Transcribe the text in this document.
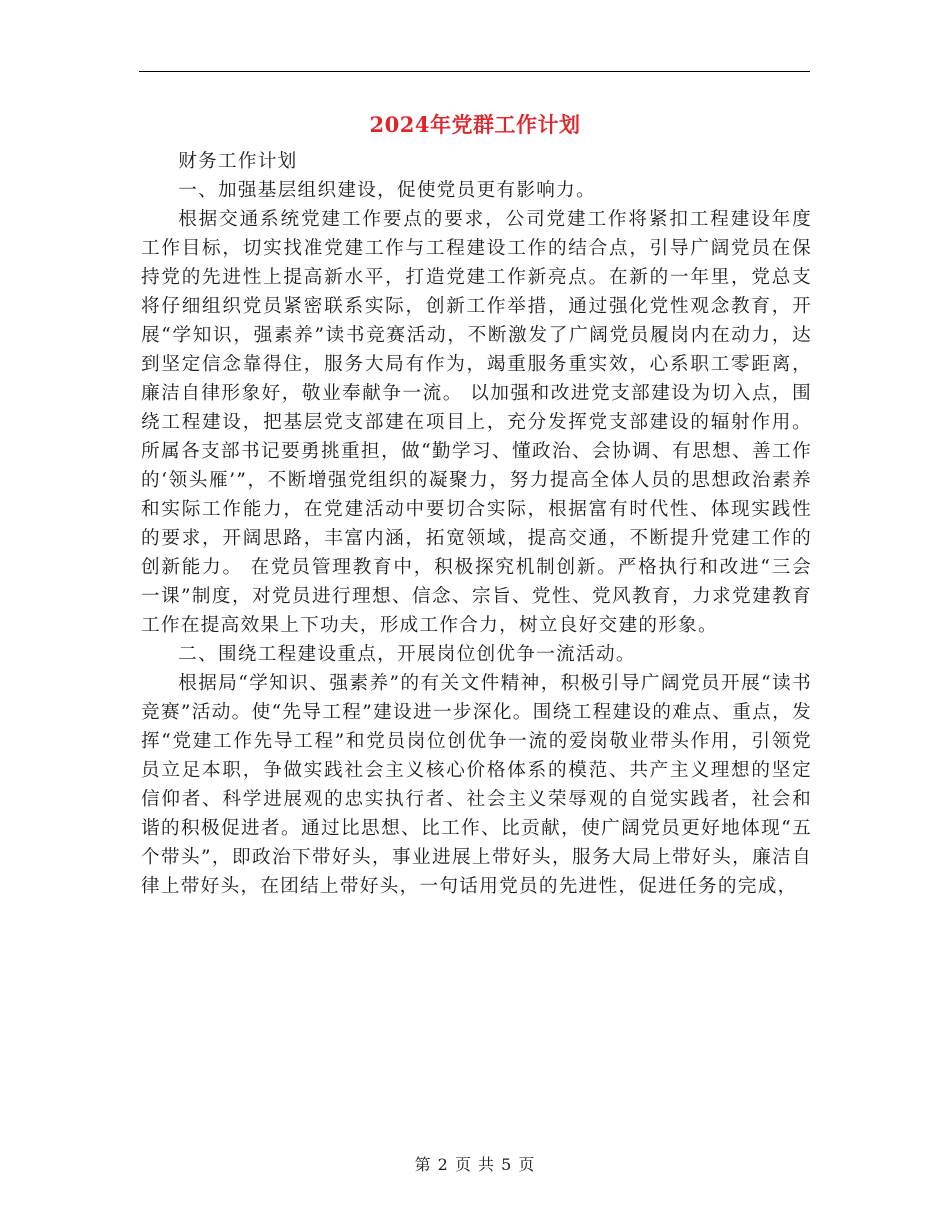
2024年党群工作计划

财务工作计划

一、加强基层组织建设，促使党员更有影响力。

根据交通系统党建工作要点的要求，公司党建工作将紧扣工程建设年度工作目标，切实找准党建工作与工程建设工作的结合点，引导广阔党员在保持党的先进性上提高新水平，打造党建工作新亮点。在新的一年里，党总支将仔细组织党员紧密联系实际，创新工作举措，通过强化党性观念教育，开展“学知识，强素养”读书竞赛活动，不断激发了广阔党员履岗内在动力，达到坚定信念靠得住，服务大局有作为，竭重服务重实效，心系职工零距离，廉洁自律形象好，敬业奉献争一流。 以加强和改进党支部建设为切入点，围绕工程建设，把基层党支部建在项目上，充分发挥党支部建设的辐射作用。所属各支部书记要勇挑重担，做“勤学习、懂政治、会协调、有思想、善工作的‘领头雁’”，不断增强党组织的凝聚力，努力提高全体人员的思想政治素养和实际工作能力，在党建活动中要切合实际，根据富有时代性、体现实践性的要求，开阔思路，丰富内涵，拓宽领域，提高交通，不断提升党建工作的创新能力。 在党员管理教育中，积极探究机制创新。严格执行和改进“三会一课”制度，对党员进行理想、信念、宗旨、党性、党风教育，力求党建教育工作在提高效果上下功夫，形成工作合力，树立良好交建的形象。

二、围绕工程建设重点，开展岗位创优争一流活动。

根据局“学知识、强素养”的有关文件精神，积极引导广阔党员开展“读书竞赛”活动。使“先导工程”建设进一步深化。围绕工程建设的难点、重点，发挥“党建工作先导工程”和党员岗位创优争一流的爱岗敬业带头作用，引领党员立足本职，争做实践社会主义核心价格体系的模范、共产主义理想的坚定信仰者、科学进展观的忠实执行者、社会主义荣辱观的自觉实践者，社会和谐的积极促进者。通过比思想、比工作、比贡献，使广阔党员更好地体现“五个带头”，即政治下带好头，事业进展上带好头，服务大局上带好头，廉洁自律上带好头，在团结上带好头，一句话用党员的先进性，促进任务的完成，

第 2 页 共 5 页
